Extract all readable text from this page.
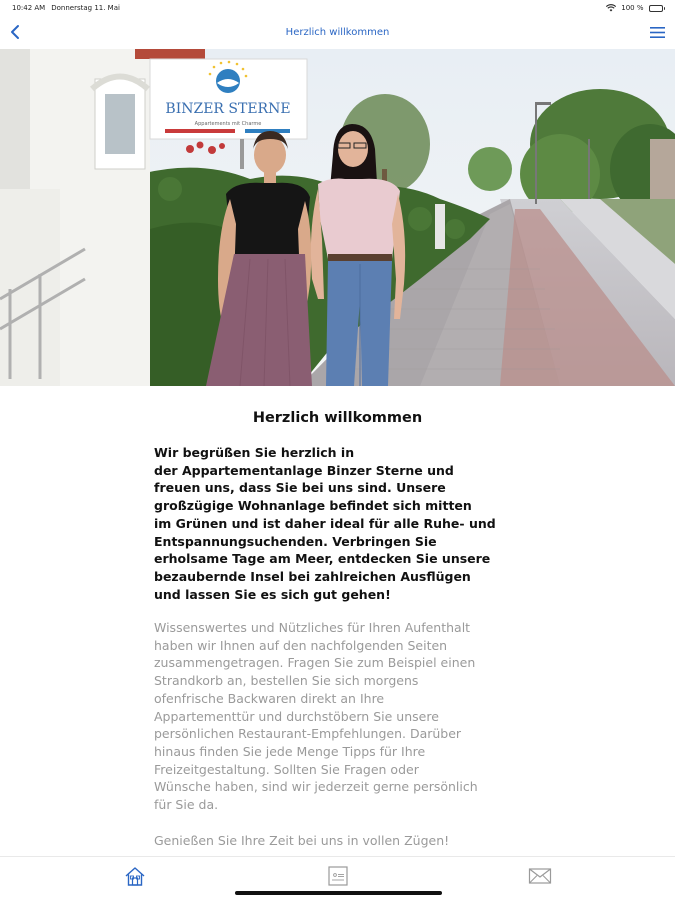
10:42 AM Donnerstag 11. Mai	100 %
Herzlich willkommen
BINZER STERNE
Appartements mit Charme
Herzlich willkommen
Wir begrüßen Sie herzlich in
der Appartementanlage Binzer Sterne und
freuen uns, dass Sie bei uns sind. Unsere
großzügige Wohnanlage befindet sich mitten
im Grünen und ist daher ideal für alle Ruhe- und
Entspannungsuchenden. Verbringen Sie
erholsame Tage am Meer, entdecken Sie unsere
bezaubernde Insel bei zahlreichen Ausflügen
und lassen Sie es sich gut gehen!
Wissenswertes und Nützliches für Ihren Aufenthalt
haben wir Ihnen auf den nachfolgenden Seiten
zusammengetragen. Fragen Sie zum Beispiel einen
Strandkorb an, bestellen Sie sich morgens
ofenfrische Backwaren direkt an Ihre
Appartementtür und durchstöbern Sie unsere
persönlichen Restaurant-Empfehlungen. Darüber
hinaus finden Sie jede Menge Tipps für Ihre
Freizeitgestaltung. Sollten Sie Fragen oder
Wünsche haben, sind wir jederzeit gerne persönlich
für Sie da.
Genießen Sie Ihre Zeit bei uns in vollen Zügen!
